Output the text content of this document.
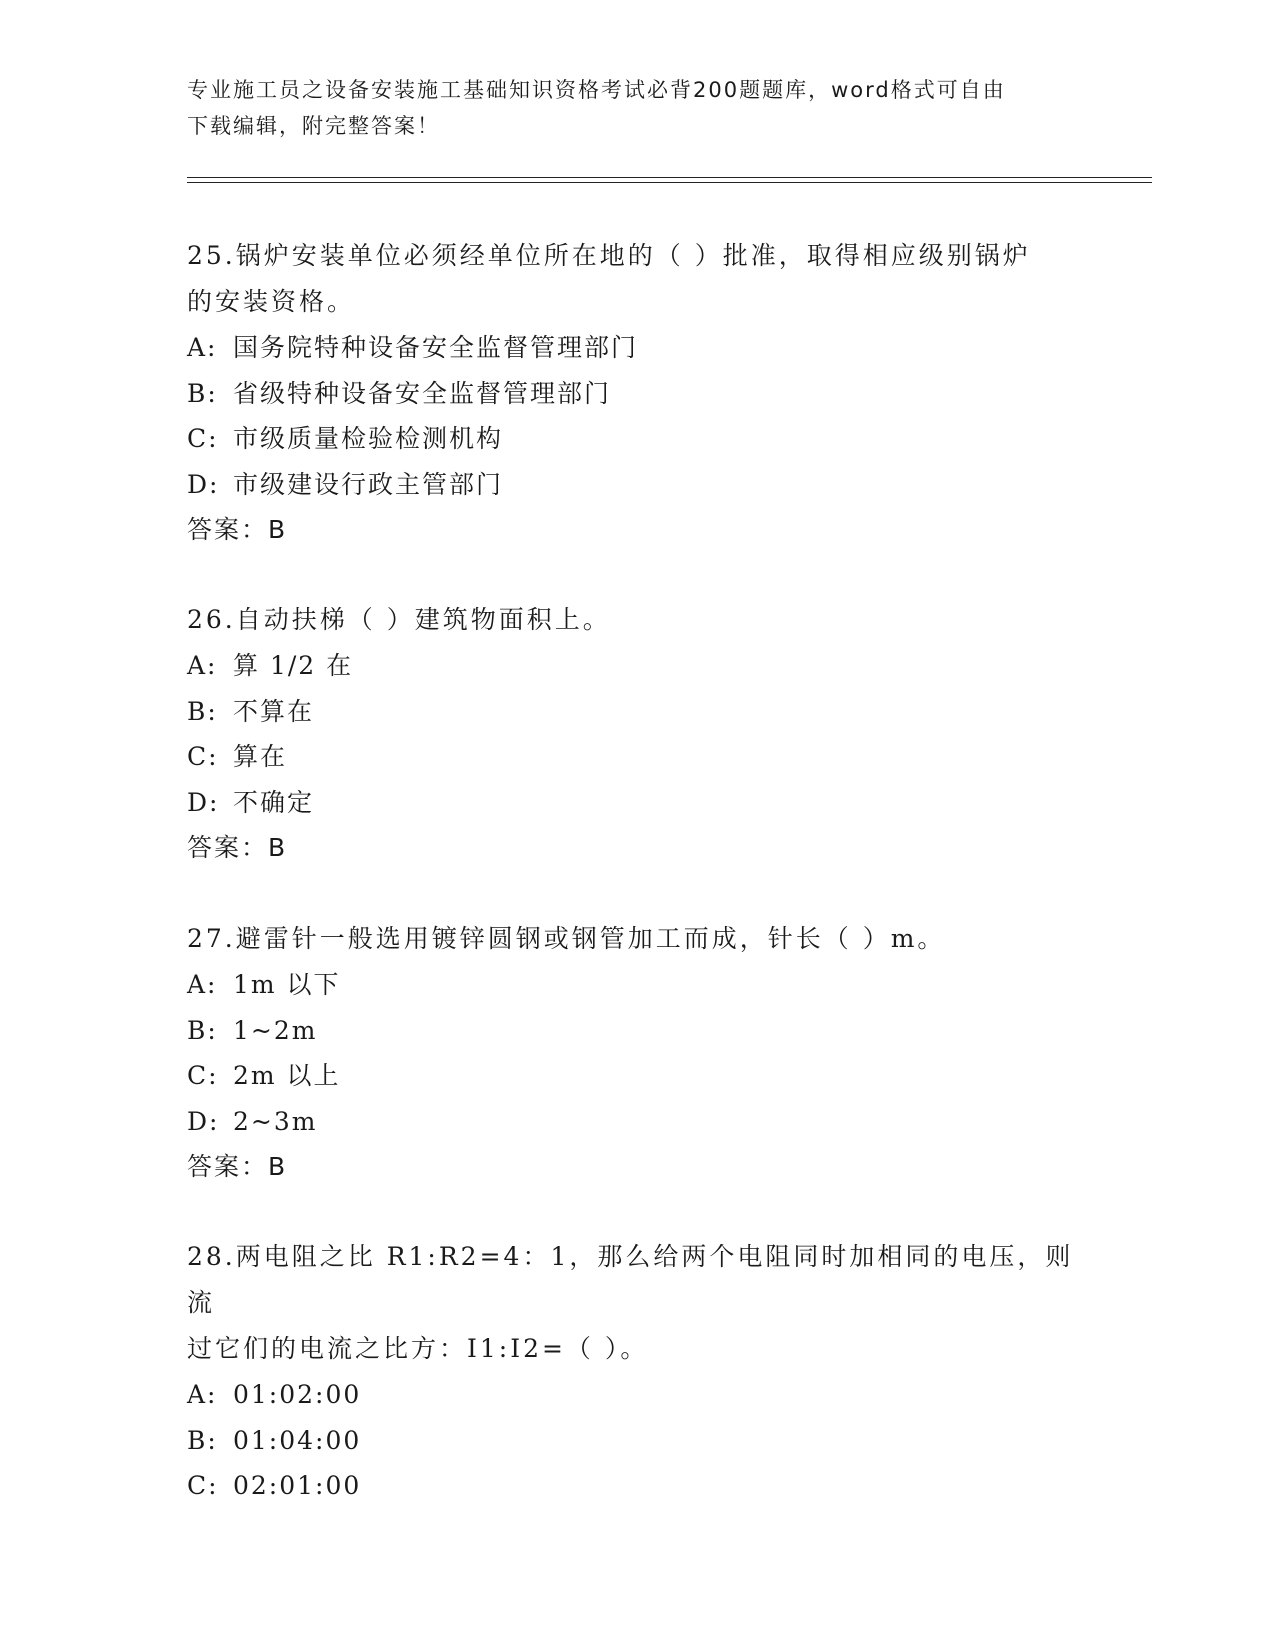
专业施工员之设备安装施工基础知识资格考试必背200题题库，word格式可自由
下载编辑，附完整答案！

25.锅炉安装单位必须经单位所在地的（ ）批准，取得相应级别锅炉

的安装资格。

A: 国务院特种设备安全监督管理部门

B: 省级特种设备安全监督管理部门

C: 市级质量检验检测机构

D: 市级建设行政主管部门

答案：B

26.自动扶梯（ ）建筑物面积上。

A: 算 1/2 在

B: 不算在

C: 算在

D: 不确定

答案：B

27.避雷针一般选用镀锌圆钢或钢管加工而成，针长（ ）m。

A: 1m 以下

B: 1~2m

C: 2m 以上

D: 2~3m

答案：B

28.两电阻之比 R1:R2=4：1，那么给两个电阻同时加相同的电压，则流

过它们的电流之比方：I1:I2=（ ）。

A: 01:02:00

B: 01:04:00

C: 02:01:00
